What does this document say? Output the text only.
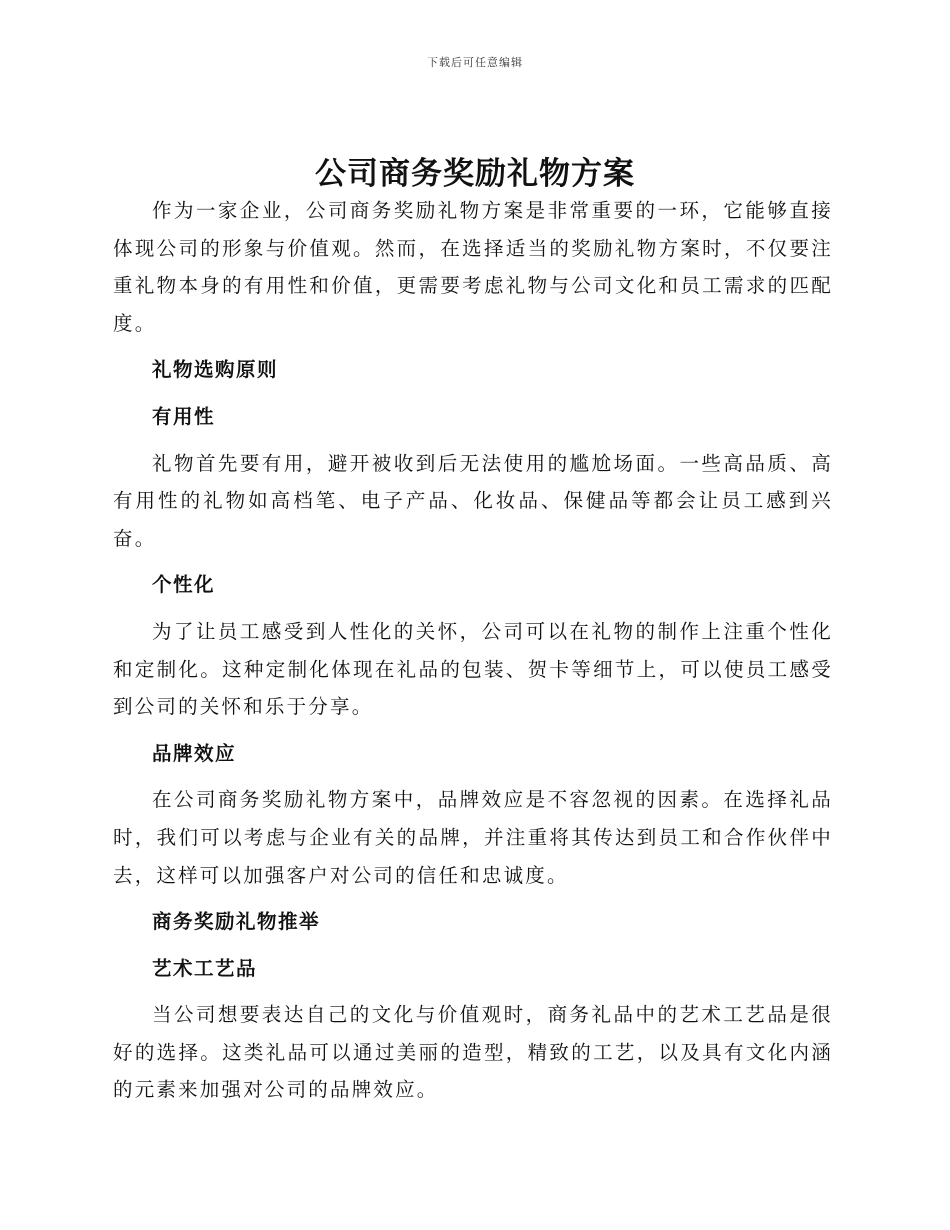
下载后可任意编辑
公司商务奖励礼物方案

作为一家企业，公司商务奖励礼物方案是非常重要的一环，它能够直接体现公司的形象与价值观。然而，在选择适当的奖励礼物方案时，不仅要注重礼物本身的有用性和价值，更需要考虑礼物与公司文化和员工需求的匹配度。

礼物选购原则
有用性

礼物首先要有用，避开被收到后无法使用的尴尬场面。一些高品质、高有用性的礼物如高档笔、电子产品、化妆品、保健品等都会让员工感到兴奋。

个性化

为了让员工感受到人性化的关怀，公司可以在礼物的制作上注重个性化和定制化。这种定制化体现在礼品的包装、贺卡等细节上，可以使员工感受到公司的关怀和乐于分享。

品牌效应

在公司商务奖励礼物方案中，品牌效应是不容忽视的因素。在选择礼品时，我们可以考虑与企业有关的品牌，并注重将其传达到员工和合作伙伴中去，这样可以加强客户对公司的信任和忠诚度。

商务奖励礼物推举
艺术工艺品

当公司想要表达自己的文化与价值观时，商务礼品中的艺术工艺品是很好的选择。这类礼品可以通过美丽的造型，精致的工艺，以及具有文化内涵的元素来加强对公司的品牌效应。
